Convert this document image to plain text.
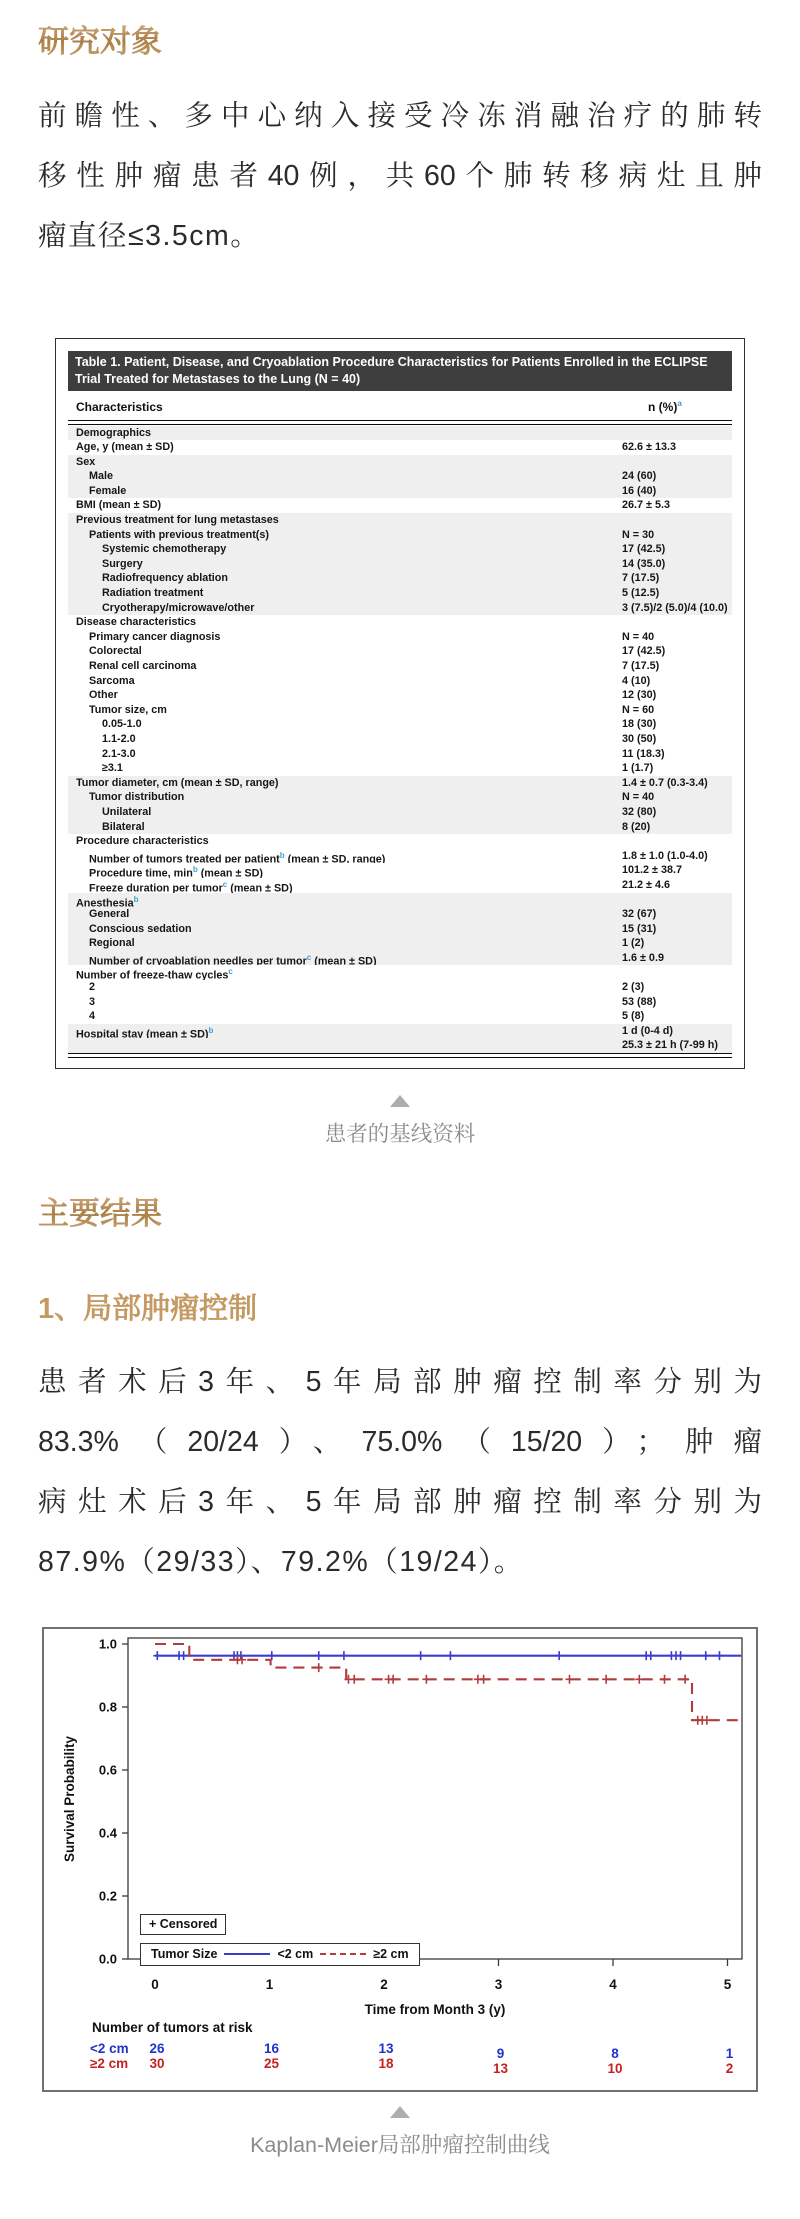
研究对象
前瞻性、多中心纳入接受冷冻消融治疗的肺转
移性肿瘤患者40例，共60个肺转移病灶且肿
瘤直径≤3.5cm。
Table 1. Patient, Disease, and Cryoablation Procedure Characteristics for Patients Enrolled in the ECLIPSE Trial Treated for Metastases to the Lung (N = 40)
Characteristics	n (%)$^a$
Demographics
Age, y (mean ± SD)	62.6 ± 13.3
Sex
Male	24 (60)
Female	16 (40)
BMI (mean ± SD)	26.7 ± 5.3
Previous treatment for lung metastases
Patients with previous treatment(s)	N = 30
Systemic chemotherapy	17 (42.5)
Surgery	14 (35.0)
Radiofrequency ablation	7 (17.5)
Radiation treatment	5 (12.5)
Cryotherapy/microwave/other	3 (7.5)/2 (5.0)/4 (10.0)
Disease characteristics
Primary cancer diagnosis	N = 40
Colorectal	17 (42.5)
Renal cell carcinoma	7 (17.5)
Sarcoma	4 (10)
Other	12 (30)
Tumor size, cm	N = 60
0.05-1.0	18 (30)
1.1-2.0	30 (50)
2.1-3.0	11 (18.3)
≥3.1	1 (1.7)
Tumor diameter, cm (mean ± SD, range)	1.4 ± 0.7 (0.3-3.4)
Tumor distribution	N = 40
Unilateral	32 (80)
Bilateral	8 (20)
Procedure characteristics
Number of tumors treated per patient$^b$ (mean ± SD, range)	1.8 ± 1.0 (1.0-4.0)
Procedure time, min$^b$ (mean ± SD)	101.2 ± 38.7
Freeze duration per tumor$^c$ (mean ± SD)	21.2 ± 4.6
Anesthesia$^b$
General	32 (67)
Conscious sedation	15 (31)
Regional	1 (2)
Number of cryoablation needles per tumor$^c$ (mean ± SD)	1.6 ± 0.9
Number of freeze-thaw cycles$^c$
2	2 (3)
3	53 (88)
4	5 (8)
Hospital stay (mean ± SD)$^b$	1 d (0-4 d)
25.3 ± 21 h (7-99 h)
患者的基线资料
主要结果
1、局部肿瘤控制
患者术后3年、5年局部肿瘤控制率分别为
83.3%（20/24）、75.0%（15/20）；肿瘤
病灶术后3年、5年局部肿瘤控制率分别为
87.9%（29/33）、79.2%（19/24）。
1.0
0.8
0.6
0.4
0.2
0.0
Survival Probability
0	1	2	3	4	5
Time from Month 3 (y)
+ Censored
Tumor Size	<2 cm	≥2 cm
Number of tumors at risk
<2 cm	26	16	13	9	8	1
≥2 cm	30	25	18	13	10	2
Kaplan-Meier局部肿瘤控制曲线
